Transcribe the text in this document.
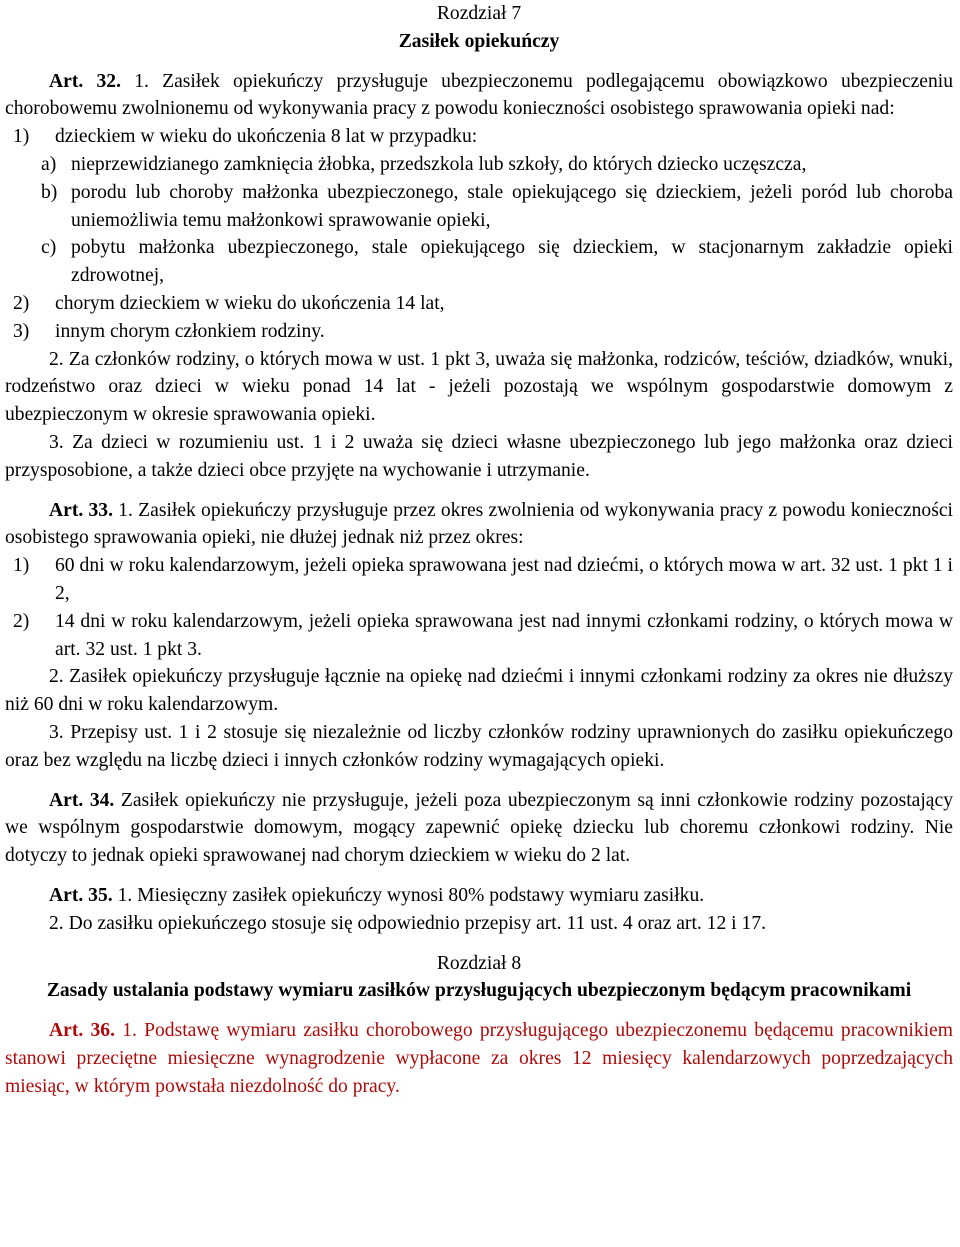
Rozdział 7
Zasiłek opiekuńczy
Art. 32. 1. Zasiłek opiekuńczy przysługuje ubezpieczonemu podlegającemu obowiązkowo ubezpieczeniu chorobowemu zwolnionemu od wykonywania pracy z powodu konieczności osobistego sprawowania opieki nad:
1)	dzieckiem w wieku do ukończenia 8 lat w przypadku:
a) nieprzewidzianego zamknięcia żłobka, przedszkola lub szkoły, do których dziecko uczęszcza,
b) porodu lub choroby małżonka ubezpieczonego, stale opiekującego się dzieckiem, jeżeli poród lub choroba uniemożliwia temu małżonkowi sprawowanie opieki,
c) pobytu małżonka ubezpieczonego, stale opiekującego się dzieckiem, w stacjonarnym zakładzie opieki zdrowotnej,
2)	chorym dzieckiem w wieku do ukończenia 14 lat,
3)	innym chorym członkiem rodziny.
2. Za członków rodziny, o których mowa w ust. 1 pkt 3, uważa się małżonka, rodziców, teściów, dziadków, wnuki, rodzeństwo oraz dzieci w wieku ponad 14 lat - jeżeli pozostają we wspólnym gospodarstwie domowym z ubezpieczonym w okresie sprawowania opieki.
3. Za dzieci w rozumieniu ust. 1 i 2 uważa się dzieci własne ubezpieczonego lub jego małżonka oraz dzieci przysposobione, a także dzieci obce przyjęte na wychowanie i utrzymanie.
Art. 33. 1. Zasiłek opiekuńczy przysługuje przez okres zwolnienia od wykonywania pracy z powodu konieczności osobistego sprawowania opieki, nie dłużej jednak niż przez okres:
1)	60 dni w roku kalendarzowym, jeżeli opieka sprawowana jest nad dziećmi, o których mowa w art. 32 ust. 1 pkt 1 i 2,
2)	14 dni w roku kalendarzowym, jeżeli opieka sprawowana jest nad innymi członkami rodziny, o których mowa w art. 32 ust. 1 pkt 3.
2. Zasiłek opiekuńczy przysługuje łącznie na opiekę nad dziećmi i innymi członkami rodziny za okres nie dłuższy niż 60 dni w roku kalendarzowym.
3. Przepisy ust. 1 i 2 stosuje się niezależnie od liczby członków rodziny uprawnionych do zasiłku opiekuńczego oraz bez względu na liczbę dzieci i innych członków rodziny wymagających opieki.
Art. 34. Zasiłek opiekuńczy nie przysługuje, jeżeli poza ubezpieczonym są inni członkowie rodziny pozostający we wspólnym gospodarstwie domowym, mogący zapewnić opiekę dziecku lub choremu członkowi rodziny. Nie dotyczy to jednak opieki sprawowanej nad chorym dzieckiem w wieku do 2 lat.
Art. 35. 1. Miesięczny zasiłek opiekuńczy wynosi 80% podstawy wymiaru zasiłku.
2. Do zasiłku opiekuńczego stosuje się odpowiednio przepisy art. 11 ust. 4 oraz art. 12 i 17.
Rozdział 8
Zasady ustalania podstawy wymiaru zasiłków przysługujących ubezpieczonym będącym pracownikami
Art. 36. 1. Podstawę wymiaru zasiłku chorobowego przysługującego ubezpieczonemu będącemu pracownikiem stanowi przeciętne miesięczne wynagrodzenie wypłacone za okres 12 miesięcy kalendarzowych poprzedzających miesiąc, w którym powstała niezdolność do pracy.
